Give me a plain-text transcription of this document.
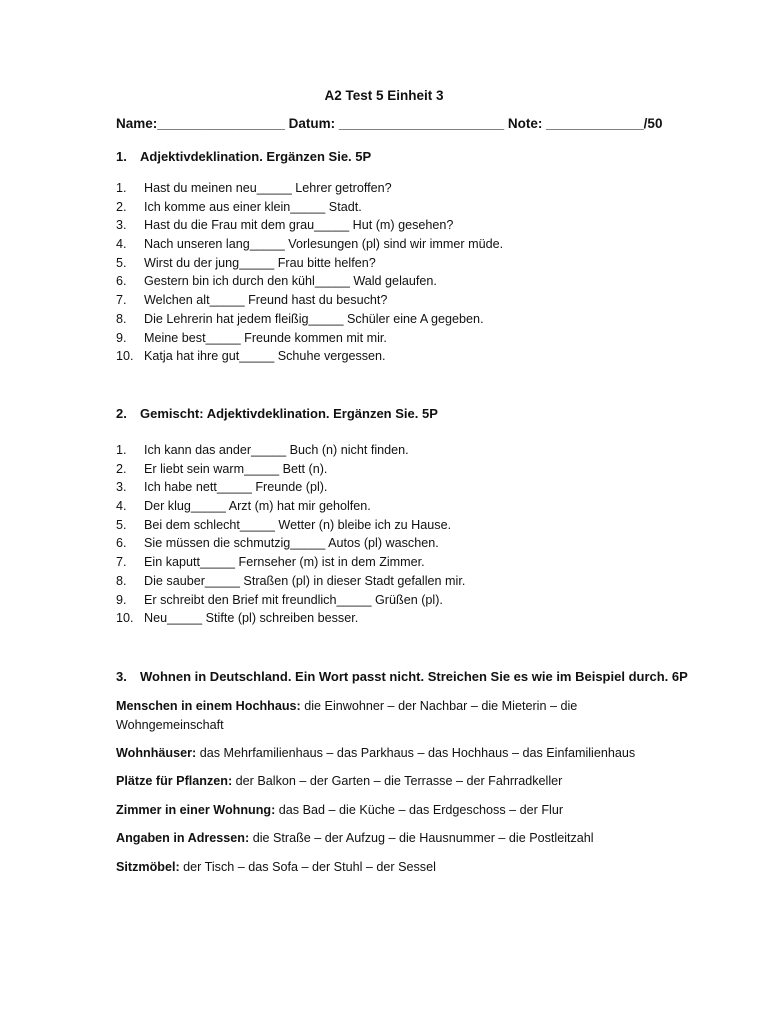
A2 Test 5 Einheit 3
Name:_________________ Datum: ______________________ Note: _____________/50
1. Adjektivdeklination. Ergänzen Sie. 5P
1. Hast du meinen neu_____ Lehrer getroffen?
2. Ich komme aus einer klein_____ Stadt.
3. Hast du die Frau mit dem grau_____ Hut (m) gesehen?
4. Nach unseren lang_____ Vorlesungen (pl) sind wir immer müde.
5. Wirst du der jung_____ Frau bitte helfen?
6. Gestern bin ich durch den kühl_____ Wald gelaufen.
7. Welchen alt_____ Freund hast du besucht?
8. Die Lehrerin hat jedem fleißig_____ Schüler eine A gegeben.
9. Meine best_____ Freunde kommen mit mir.
10. Katja hat ihre gut_____ Schuhe vergessen.
2. Gemischt: Adjektivdeklination. Ergänzen Sie. 5P
1. Ich kann das ander_____ Buch (n) nicht finden.
2. Er liebt sein warm_____ Bett (n).
3. Ich habe nett_____ Freunde (pl).
4. Der klug_____ Arzt (m) hat mir geholfen.
5. Bei dem schlecht_____ Wetter (n) bleibe ich zu Hause.
6. Sie müssen die schmutzig_____ Autos (pl) waschen.
7. Ein kaputt_____ Fernseher (m) ist in dem Zimmer.
8. Die sauber_____ Straßen (pl) in dieser Stadt gefallen mir.
9. Er schreibt den Brief mit freundlich_____ Grüßen (pl).
10. Neu_____ Stifte (pl) schreiben besser.
3. Wohnen in Deutschland. Ein Wort passt nicht. Streichen Sie es wie im Beispiel durch. 6P
Menschen in einem Hochhaus: die Einwohner – der Nachbar – die Mieterin – die Wohngemeinschaft
Wohnhäuser: das Mehrfamilienhaus – das Parkhaus – das Hochhaus – das Einfamilienhaus
Plätze für Pflanzen: der Balkon – der Garten – die Terrasse – der Fahrradkeller
Zimmer in einer Wohnung: das Bad – die Küche – das Erdgeschoss – der Flur
Angaben in Adressen: die Straße – der Aufzug – die Hausnummer – die Postleitzahl
Sitzmöbel: der Tisch – das Sofa – der Stuhl – der Sessel
